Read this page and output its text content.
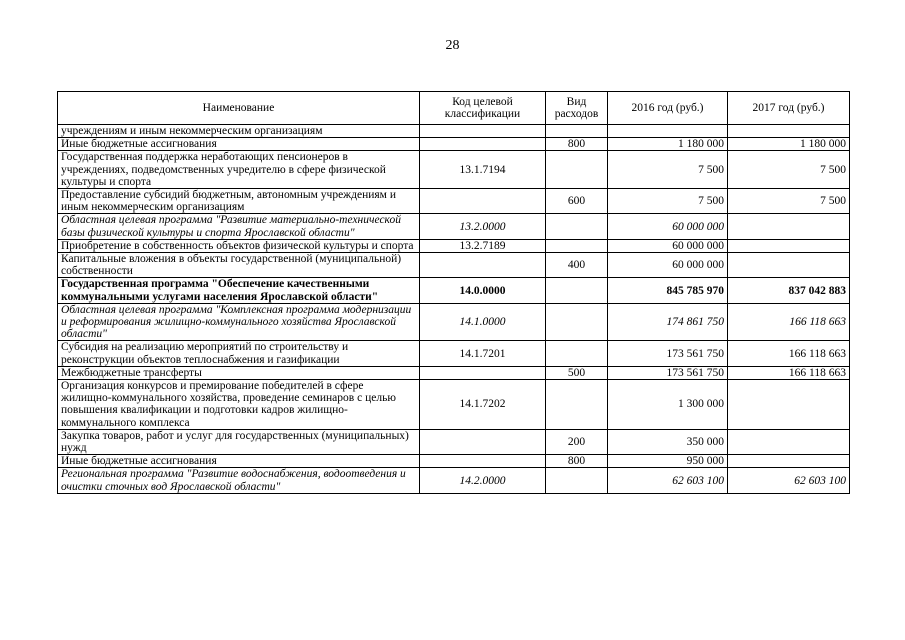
28
Наименование	Код целевой классификации	Вид расходов	2016 год (руб.)	2017 год (руб.)
учреждениям и иным некоммерческим организациям				
Иные бюджетные ассигнования		800	1 180 000	1 180 000
Государственная поддержка неработающих пенсионеров в учреждениях, подведомственных учредителю в сфере физической культуры и спорта	13.1.7194		7 500	7 500
Предоставление субсидий бюджетным, автономным учреждениям и иным некоммерческим организациям		600	7 500	7 500
Областная целевая программа "Развитие материально-технической базы физической культуры и спорта Ярославской области"	13.2.0000		60 000 000	
Приобретение в собственность объектов физической культуры и спорта	13.2.7189		60 000 000	
Капитальные вложения в объекты государственной (муниципальной) собственности		400	60 000 000	
Государственная программа "Обеспечение качественными коммунальными услугами населения Ярославской области"	14.0.0000		845 785 970	837 042 883
Областная целевая программа "Комплексная программа модернизации и реформирования жилищно-коммунального хозяйства Ярославской области"	14.1.0000		174 861 750	166 118 663
Субсидия на реализацию мероприятий по строительству и реконструкции объектов теплоснабжения и газификации	14.1.7201		173 561 750	166 118 663
Межбюджетные трансферты		500	173 561 750	166 118 663
Организация конкурсов и премирование победителей в сфере жилищно-коммунального хозяйства, проведение семинаров с целью повышения квалификации и подготовки кадров жилищно-коммунального комплекса	14.1.7202		1 300 000	
Закупка товаров, работ и услуг для государственных (муниципальных) нужд		200	350 000	
Иные бюджетные ассигнования		800	950 000	
Региональная программа "Развитие водоснабжения, водоотведения и очистки сточных вод Ярославской области"	14.2.0000		62 603 100	62 603 100
